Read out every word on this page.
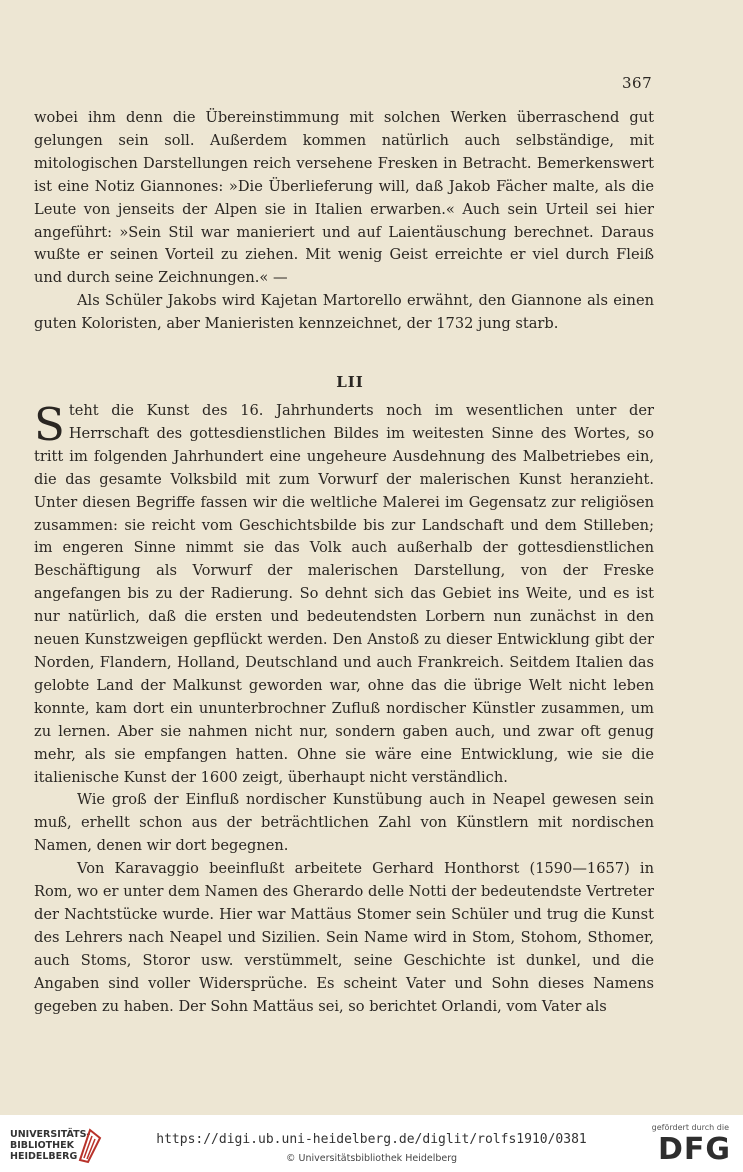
367

wobei ihm denn die Übereinstimmung mit solchen Werken überraschend gut gelungen sein soll. Außerdem kommen natürlich auch selbständige, mit mitologischen Darstellungen reich versehene Fresken in Betracht. Bemerkenswert ist eine Notiz Giannones: »Die Überlieferung will, daß Jakob Fächer malte, als die Leute von jenseits der Alpen sie in Italien erwarben.« Auch sein Urteil sei hier angeführt: »Sein Stil war manieriert und auf Laientäuschung berechnet. Daraus wußte er seinen Vorteil zu ziehen. Mit wenig Geist erreichte er viel durch Fleiß und durch seine Zeichnungen.« —

Als Schüler Jakobs wird Kajetan Martorello erwähnt, den Giannone als einen guten Koloristen, aber Manieristen kennzeichnet, der 1732 jung starb.

LII

Steht die Kunst des 16. Jahrhunderts noch im wesentlichen unter der Herrschaft des gottesdienstlichen Bildes im weitesten Sinne des Wortes, so tritt im folgenden Jahrhundert eine ungeheure Ausdehnung des Malbetriebes ein, die das gesamte Volksbild mit zum Vorwurf der malerischen Kunst heranzieht. Unter diesen Begriffe fassen wir die weltliche Malerei im Gegensatz zur religiösen zusammen: sie reicht vom Geschichtsbilde bis zur Landschaft und dem Stilleben; im engeren Sinne nimmt sie das Volk auch außerhalb der gottesdienstlichen Beschäftigung als Vorwurf der malerischen Darstellung, von der Freske angefangen bis zu der Radierung. So dehnt sich das Gebiet ins Weite, und es ist nur natürlich, daß die ersten und bedeutendsten Lorbern nun zunächst in den neuen Kunstzweigen gepflückt werden. Den Anstoß zu dieser Entwicklung gibt der Norden, Flandern, Holland, Deutschland und auch Frankreich. Seitdem Italien das gelobte Land der Malkunst geworden war, ohne das die übrige Welt nicht leben konnte, kam dort ein ununterbrochner Zufluß nordischer Künstler zusammen, um zu lernen. Aber sie nahmen nicht nur, sondern gaben auch, und zwar oft genug mehr, als sie empfangen hatten. Ohne sie wäre eine Entwicklung, wie sie die italienische Kunst der 1600 zeigt, überhaupt nicht verständlich.

Wie groß der Einfluß nordischer Kunstübung auch in Neapel gewesen sein muß, erhellt schon aus der beträchtlichen Zahl von Künstlern mit nordischen Namen, denen wir dort begegnen.

Von Karavaggio beeinflußt arbeitete Gerhard Honthorst (1590—1657) in Rom, wo er unter dem Namen des Gherardo delle Notti der bedeutendste Vertreter der Nachtstücke wurde. Hier war Mattäus Stomer sein Schüler und trug die Kunst des Lehrers nach Neapel und Sizilien. Sein Name wird in Stom, Stohom, Sthomer, auch Stoms, Storor usw. verstümmelt, seine Geschichte ist dunkel, und die Angaben sind voller Widersprüche. Es scheint Vater und Sohn dieses Namens gegeben zu haben. Der Sohn Mattäus sei, so berichtet Orlandi, vom Vater als

UNIVERSITÄTS-
BIBLIOTHEK
HEIDELBERG
https://digi.ub.uni-heidelberg.de/diglit/rolfs1910/0381
© Universitätsbibliothek Heidelberg
gefördert durch die
DFG
